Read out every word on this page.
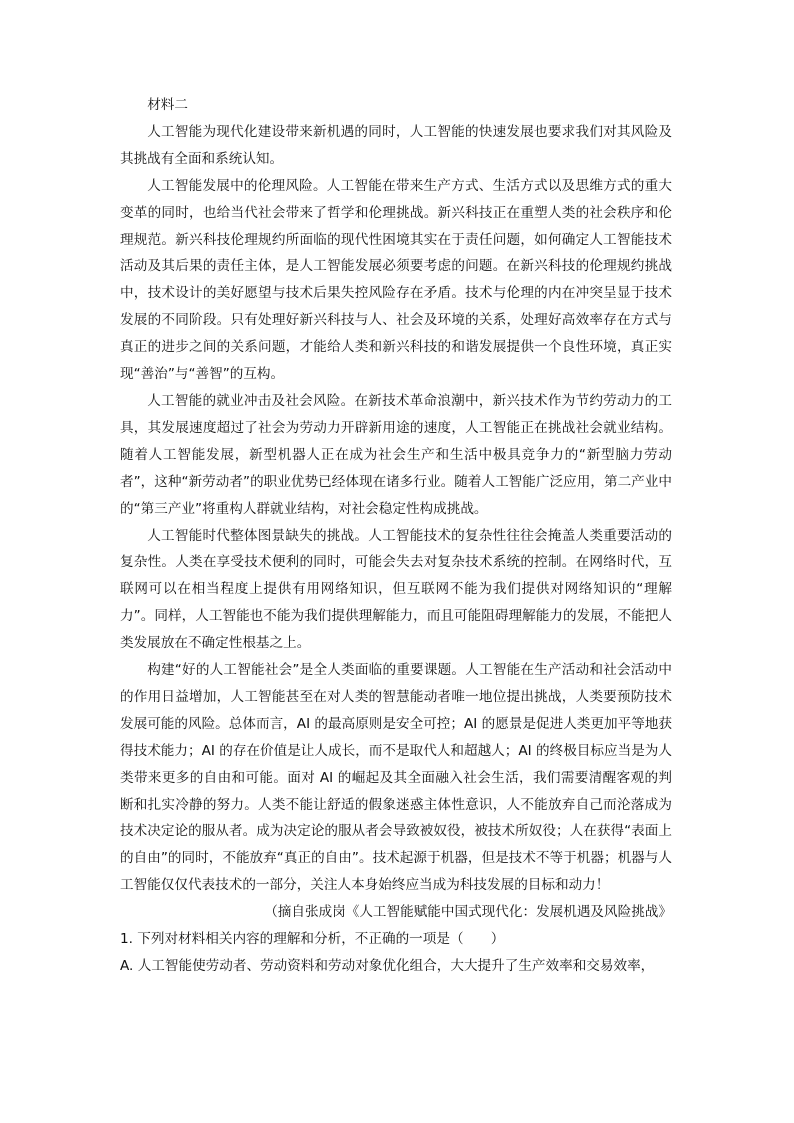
材料二

人工智能为现代化建设带来新机遇的同时，人工智能的快速发展也要求我们对其风险及其挑战有全面和系统认知。

人工智能发展中的伦理风险。人工智能在带来生产方式、生活方式以及思维方式的重大变革的同时，也给当代社会带来了哲学和伦理挑战。新兴科技正在重塑人类的社会秩序和伦理规范。新兴科技伦理规约所面临的现代性困境其实在于责任问题，如何确定人工智能技术活动及其后果的责任主体，是人工智能发展必须要考虑的问题。在新兴科技的伦理规约挑战中，技术设计的美好愿望与技术后果失控风险存在矛盾。技术与伦理的内在冲突呈显于技术发展的不同阶段。只有处理好新兴科技与人、社会及环境的关系，处理好高效率存在方式与真正的进步之间的关系问题，才能给人类和新兴科技的和谐发展提供一个良性环境，真正实现“善治”与“善智”的互构。

人工智能的就业冲击及社会风险。在新技术革命浪潮中，新兴技术作为节约劳动力的工具，其发展速度超过了社会为劳动力开辟新用途的速度，人工智能正在挑战社会就业结构。随着人工智能发展，新型机器人正在成为社会生产和生活中极具竞争力的“新型脑力劳动者”，这种“新劳动者”的职业优势已经体现在诸多行业。随着人工智能广泛应用，第二产业中的“第三产业”将重构人群就业结构，对社会稳定性构成挑战。

人工智能时代整体图景缺失的挑战。人工智能技术的复杂性往往会掩盖人类重要活动的复杂性。人类在享受技术便利的同时，可能会失去对复杂技术系统的控制。在网络时代，互联网可以在相当程度上提供有用网络知识，但互联网不能为我们提供对网络知识的“理解力”。同样，人工智能也不能为我们提供理解能力，而且可能阻碍理解能力的发展，不能把人类发展放在不确定性根基之上。

构建“好的人工智能社会”是全人类面临的重要课题。人工智能在生产活动和社会活动中的作用日益增加，人工智能甚至在对人类的智慧能动者唯一地位提出挑战，人类要预防技术发展可能的风险。总体而言，AI 的最高原则是安全可控；AI 的愿景是促进人类更加平等地获得技术能力；AI 的存在价值是让人成长，而不是取代人和超越人；AI 的终极目标应当是为人类带来更多的自由和可能。面对 AI 的崛起及其全面融入社会生活，我们需要清醒客观的判断和扎实冷静的努力。人类不能让舒适的假象迷惑主体性意识，人不能放弃自己而沦落成为技术决定论的服从者。成为决定论的服从者会导致被奴役，被技术所奴役；人在获得“表面上的自由”的同时，不能放弃“真正的自由”。技术起源于机器，但是技术不等于机器；机器与人工智能仅仅代表技术的一部分，关注人本身始终应当成为科技发展的目标和动力！

（摘自张成岗《人工智能赋能中国式现代化：发展机遇及风险挑战》

1. 下列对材料相关内容的理解和分析，不正确的一项是（　　）

A. 人工智能使劳动者、劳动资料和劳动对象优化组合，大大提升了生产效率和交易效率，
